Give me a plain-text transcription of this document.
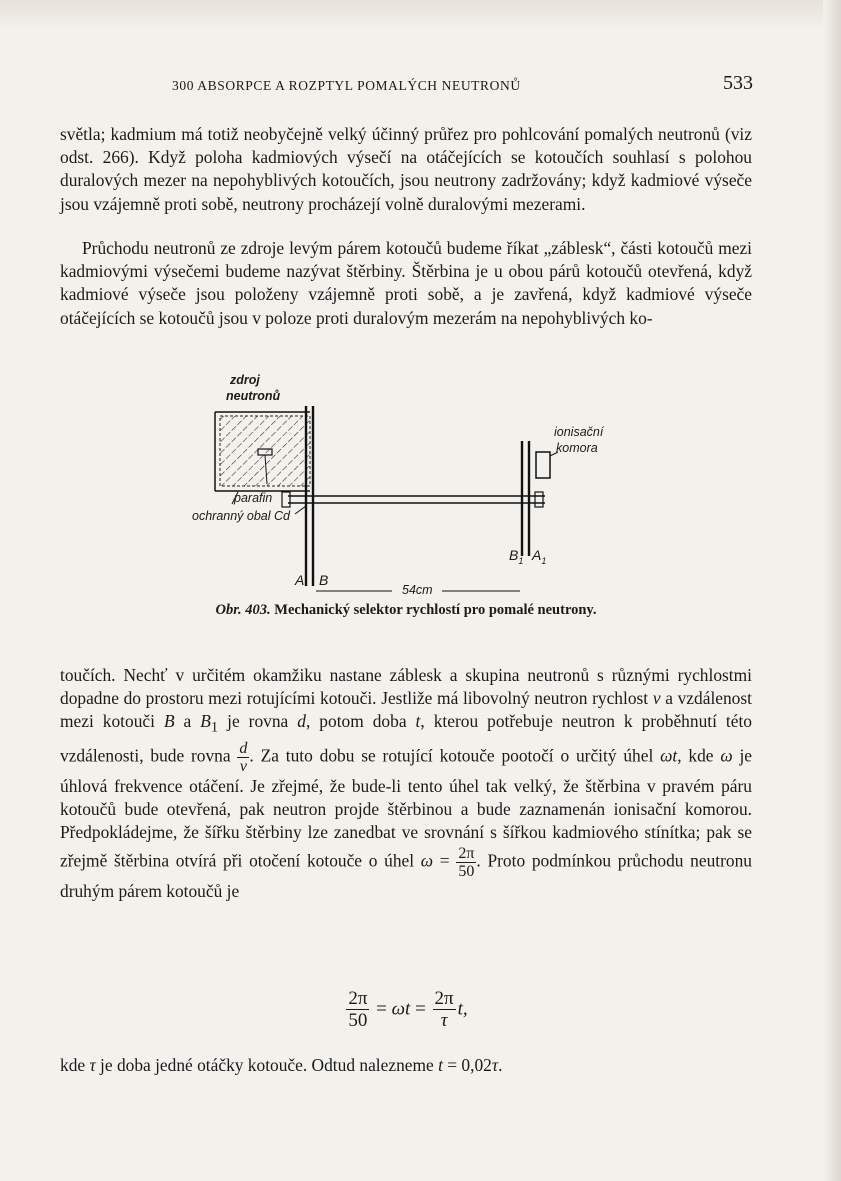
300 ABSORPCE A ROZPTYL POMALÝCH NEUTRONŮ	533

světla; kadmium má totiž neobyčejně velký účinný průřez pro pohlcování pomalých neutronů (viz odst. 266). Když poloha kadmiových výsečí na otáčejících se kotoučích souhlasí s polohou duralových mezer na nepohyblivých kotoučích, jsou neutrony zadržovány; když kadmiové výseče jsou vzájemně proti sobě, neutrony procházejí volně duralovými mezerami.

Průchodu neutronů ze zdroje levým párem kotoučů budeme říkat „záblesk“, části kotoučů mezi kadmiovými výsečemi budeme nazývat štěrbiny. Štěrbina je u obou párů kotoučů otevřená, když kadmiové výseče jsou položeny vzájemně proti sobě, a je zavřená, když kadmiové výseče otáčejících se kotoučů jsou v poloze proti duralovým mezerám na nepohyblivých ko-

zdroj
neutronů
ionisační
komora
parafin
ochranný obal Cd
A B
$B_1$ $A_1$
54cm
Obr. 403. Mechanický selektor rychlostí pro pomalé neutrony.

toučích. Nechť v určitém okamžiku nastane záblesk a skupina neutronů s různými rychlostmi dopadne do prostoru mezi rotujícími kotouči. Jestliže má libovolný neutron rychlost v a vzdálenost mezi kotouči B a $B_1$ je rovna d, potom doba t, kterou potřebuje neutron k proběhnutí této vzdálenosti, bude rovna $\frac{d}{v}$ . Za tuto dobu se rotující kotouče pootočí o určitý úhel ωt, kde ω je úhlová frekvence otáčení. Je zřejmé, že bude-li tento úhel tak velký, že štěrbina v pravém páru kotoučů bude otevřená, pak neutron projde štěrbinou a bude zaznamenán ionisační komorou. Předpokládejme, že šířku štěrbiny lze zanedbat ve srovnání s šířkou kadmiového stínítka; pak se zřejmě štěrbina otvírá při otočení kotouče o úhel $\omega = \frac{2\pi}{50}$ . Proto podmínkou průchodu neutronu druhým párem kotoučů je

$\frac{2\pi}{50} = \omega t = \frac{2\pi}{\tau} t$,

kde τ je doba jedné otáčky kotouče. Odtud nalezneme t = 0,02τ.
